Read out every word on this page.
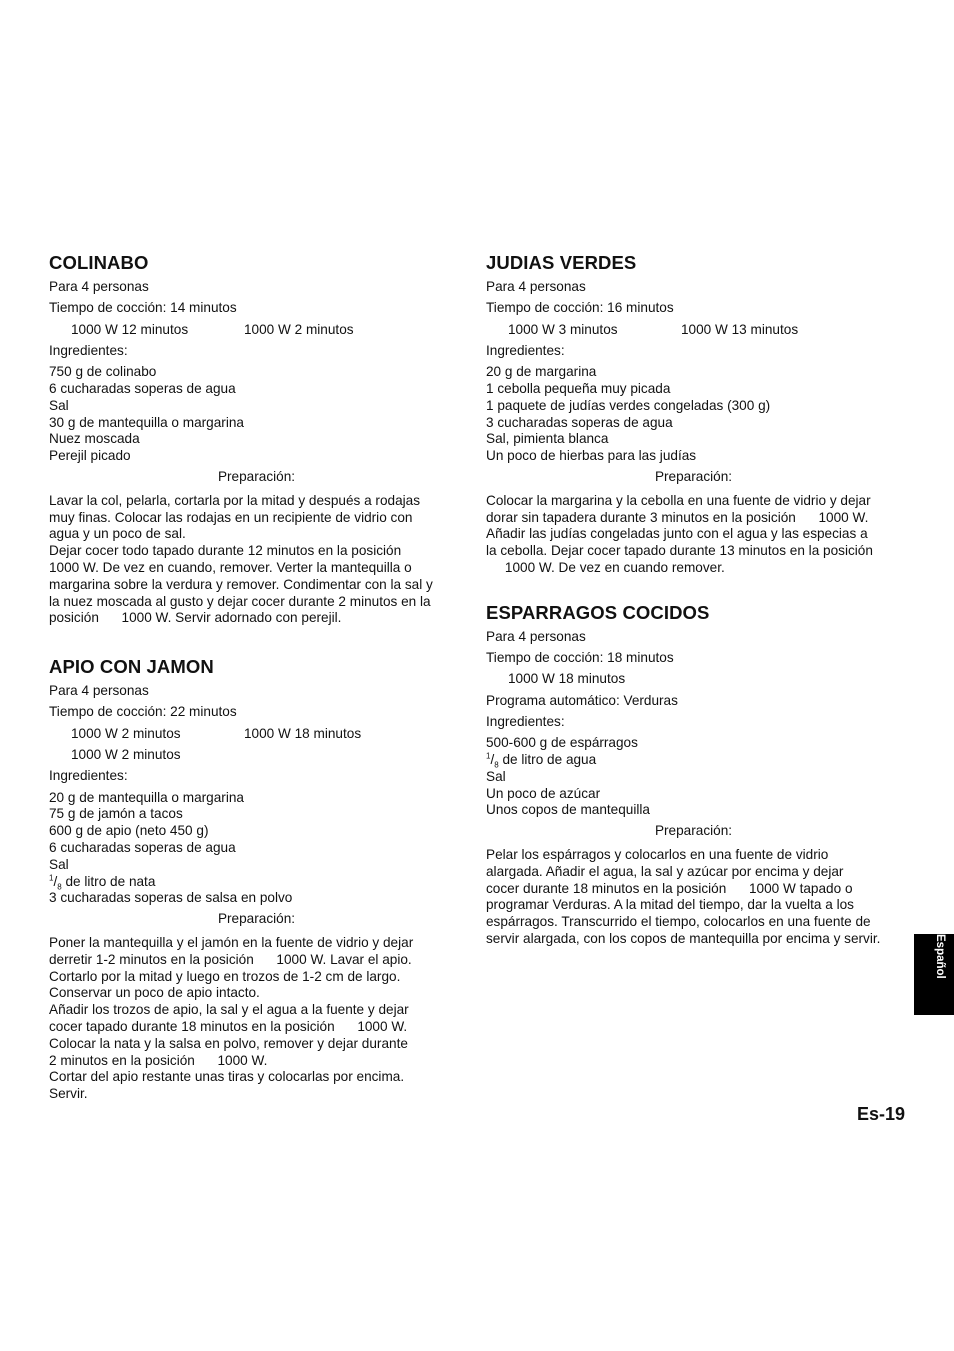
COLINABO
Para 4 personas
Tiempo de cocción: 14 minutos
1000 W 12 minutos	1000 W 2 minutos
Ingredientes:
750 g de colinabo
6 cucharadas soperas de agua
Sal
30 g de mantequilla o margarina
Nuez moscada
Perejil picado
Preparación:
Lavar la col, pelarla, cortarla por la mitad y después a rodajas
muy finas. Colocar las rodajas en un recipiente de vidrio con
agua y un poco de sal.
Dejar cocer todo tapado durante 12 minutos en la posición
1000 W. De vez en cuando, remover. Verter la mantequilla o
margarina sobre la verdura y remover. Condimentar con la sal y
la nuez moscada al gusto y dejar cocer durante 2 minutos en la
posición      1000 W. Servir adornado con perejil.
APIO CON JAMON
Para 4 personas
Tiempo de cocción: 22 minutos
1000 W 2 minutos	1000 W 18 minutos
1000 W 2 minutos
Ingredientes:
20 g de mantequilla o margarina
75 g de jamón a tacos
600 g de apio (neto 450 g)
6 cucharadas soperas de agua
Sal
$^1/_8$ de litro de nata
3 cucharadas soperas de salsa en polvo
Preparación:
Poner la mantequilla y el jamón en la fuente de vidrio y dejar
derretir 1-2 minutos en la posición      1000 W. Lavar el apio.
Cortarlo por la mitad y luego en trozos de 1-2 cm de largo.
Conservar un poco de apio intacto.
Añadir los trozos de apio, la sal y el agua a la fuente y dejar
cocer tapado durante 18 minutos en la posición      1000 W.
Colocar la nata y la salsa en polvo, remover y dejar durante
2 minutos en la posición      1000 W.
Cortar del apio restante unas tiras y colocarlas por encima.
Servir.
JUDIAS VERDES
Para 4 personas
Tiempo de cocción: 16 minutos
1000 W 3 minutos	1000 W 13 minutos
Ingredientes:
20 g de margarina
1 cebolla pequeña muy picada
1 paquete de judías verdes congeladas (300 g)
3 cucharadas soperas de agua
Sal, pimienta blanca
Un poco de hierbas para las judías
Preparación:
Colocar la margarina y la cebolla en una fuente de vidrio y dejar
dorar sin tapadera durante 3 minutos en la posición      1000 W.
Añadir las judías congeladas junto con el agua y las especias a
la cebolla. Dejar cocer tapado durante 13 minutos en la posición
1000 W. De vez en cuando remover.
ESPARRAGOS COCIDOS
Para 4 personas
Tiempo de cocción: 18 minutos
1000 W 18 minutos
Programa automático: Verduras
Ingredientes:
500-600 g de espárragos
$^1/_8$ de litro de agua
Sal
Un poco de azúcar
Unos copos de mantequilla
Preparación:
Pelar los espárragos y colocarlos en una fuente de vidrio
alargada. Añadir el agua, la sal y azúcar por encima y dejar
cocer durante 18 minutos en la posición      1000 W tapado o
programar Verduras. A la mitad del tiempo, dar la vuelta a los
espárragos. Transcurrido el tiempo, colocarlos en una fuente de
servir alargada, con los copos de mantequilla por encima y servir.	Español
Es-19
